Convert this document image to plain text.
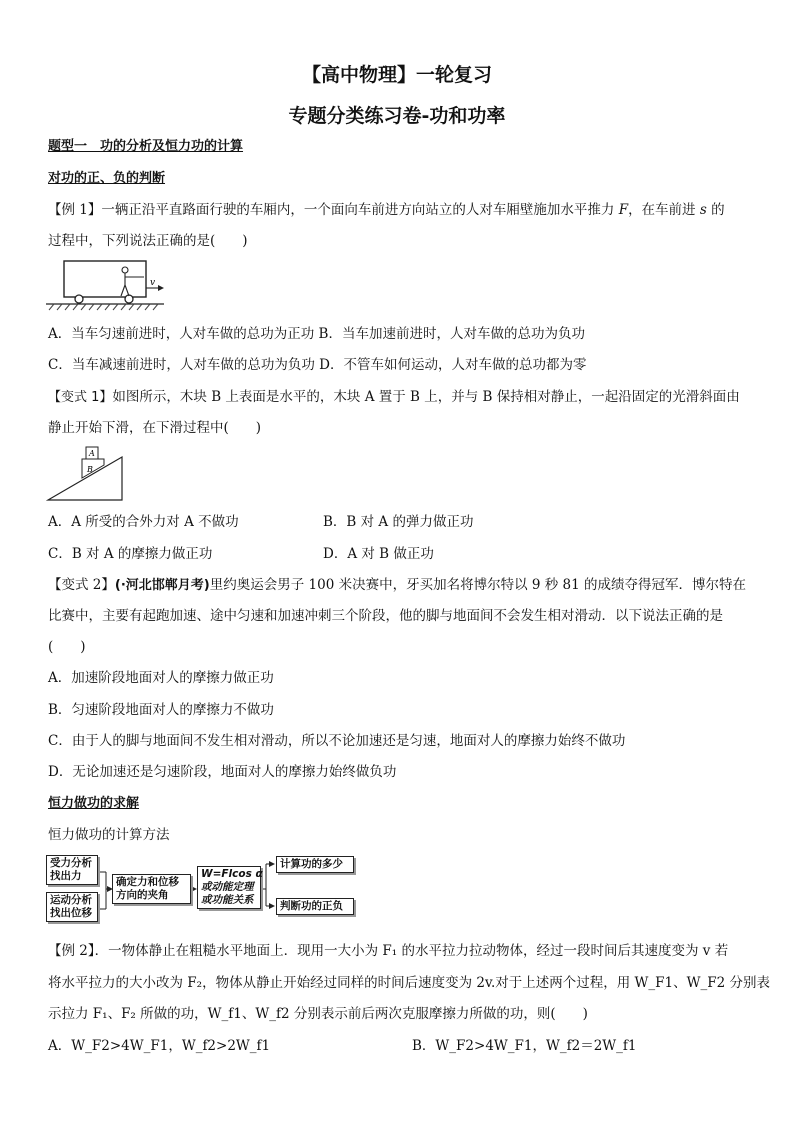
【高中物理】一轮复习
专题分类练习卷-功和功率
题型一　功的分析及恒力功的计算
对功的正、负的判断
【例 1】一辆正沿平直路面行驶的车厢内，一个面向车前进方向站立的人对车厢壁施加水平推力 F，在车前进 s 的
过程中，下列说法正确的是(　　)
v
A．当车匀速前进时，人对车做的总功为正功 B．当车加速前进时，人对车做的总功为负功
C．当车减速前进时，人对车做的总功为负功 D．不管车如何运动，人对车做的总功都为零
【变式 1】如图所示，木块 B 上表面是水平的，木块 A 置于 B 上，并与 B 保持相对静止，一起沿固定的光滑斜面由
静止开始下滑，在下滑过程中(　　)
B
A
A．A 所受的合外力对 A 不做功	B．B 对 A 的弹力做正功
C．B 对 A 的摩擦力做正功	D．A 对 B 做正功
【变式 2】(·河北邯郸月考)里约奥运会男子 100 米决赛中，牙买加名将博尔特以 9 秒 81 的成绩夺得冠军．博尔特在
比赛中，主要有起跑加速、途中匀速和加速冲刺三个阶段，他的脚与地面间不会发生相对滑动．以下说法正确的是
(　　)
A．加速阶段地面对人的摩擦力做正功
B．匀速阶段地面对人的摩擦力不做功
C．由于人的脚与地面间不发生相对滑动，所以不论加速还是匀速，地面对人的摩擦力始终不做功
D．无论加速还是匀速阶段，地面对人的摩擦力始终做负功
恒力做功的求解
恒力做功的计算方法
受力分析
找出力
运动分析
找出位移
确定力和位移
方向的夹角
W=Flcos α
或动能定理
或功能关系
计算功的多少
判断功的正负
【例 2】．一物体静止在粗糙水平地面上．现用一大小为 F₁ 的水平拉力拉动物体，经过一段时间后其速度变为 v 若
将水平拉力的大小改为 F₂，物体从静止开始经过同样的时间后速度变为 2v.对于上述两个过程，用 W_F1、W_F2 分别表
示拉力 F₁、F₂ 所做的功，W_f1、W_f2 分别表示前后两次克服摩擦力所做的功，则(　　)
A．W_F2>4W_F1，W_f2>2W_f1	B．W_F2>4W_F1，W_f2＝2W_f1
